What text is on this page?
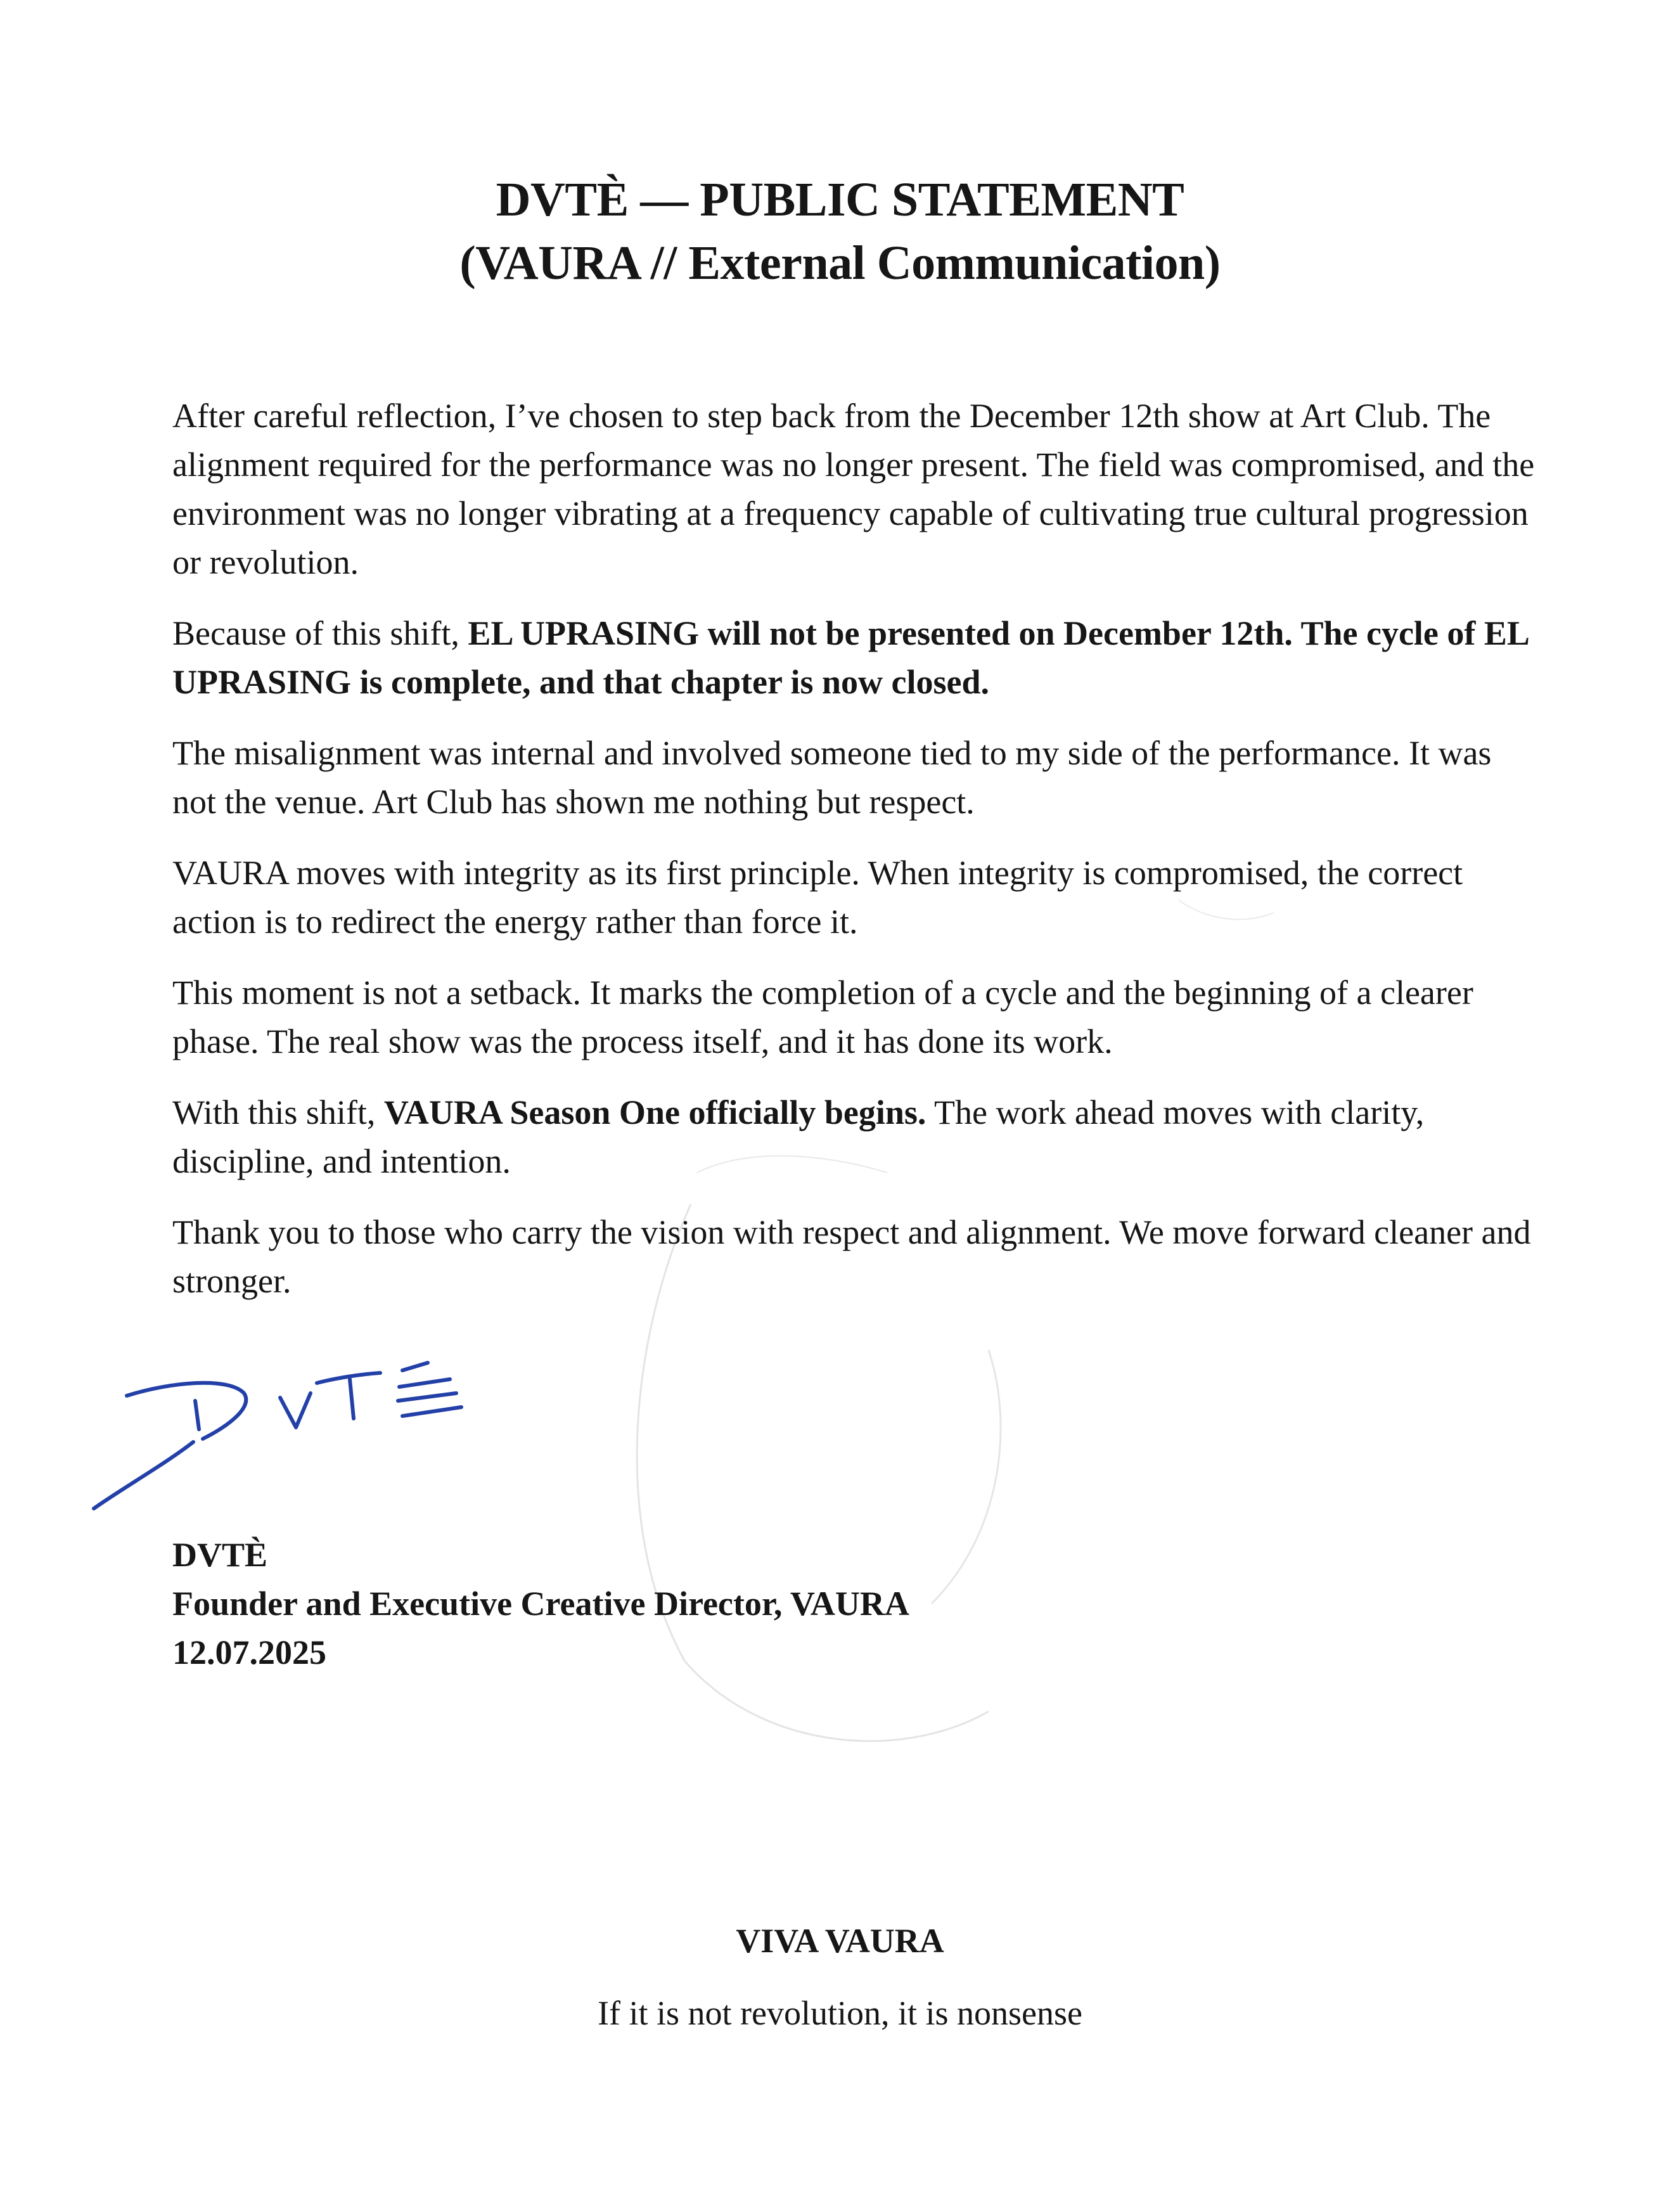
DVTÈ — PUBLIC STATEMENT
(VAURA // External Communication)

After careful reflection, I’ve chosen to step back from the December 12th show at Art Club. The alignment required for the performance was no longer present. The field was compromised, and the environment was no longer vibrating at a frequency capable of cultivating true cultural progression or revolution.

Because of this shift, EL UPRASING will not be presented on December 12th. The cycle of EL UPRASING is complete, and that chapter is now closed.

The misalignment was internal and involved someone tied to my side of the performance. It was not the venue. Art Club has shown me nothing but respect.

VAURA moves with integrity as its first principle. When integrity is compromised, the correct action is to redirect the energy rather than force it.

This moment is not a setback. It marks the completion of a cycle and the beginning of a clearer phase. The real show was the process itself, and it has done its work.

With this shift, VAURA Season One officially begins. The work ahead moves with clarity, discipline, and intention.

Thank you to those who carry the vision with respect and alignment. We move forward cleaner and stronger.

DVTÈ
Founder and Executive Creative Director, VAURA
12.07.2025
VIVA VAURA
If it is not revolution, it is nonsense
